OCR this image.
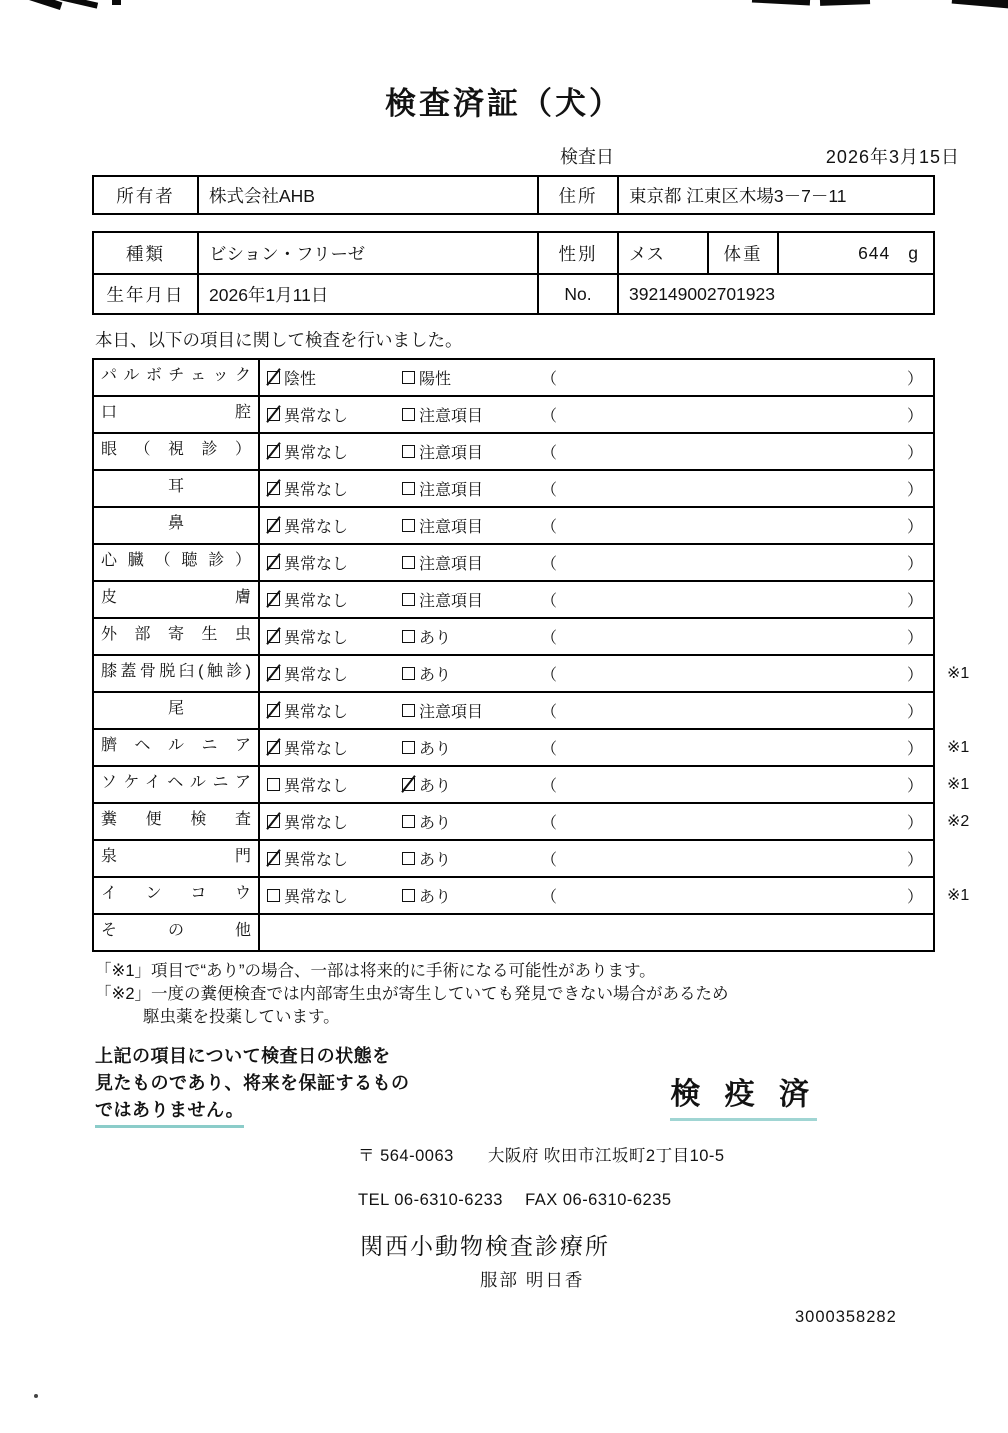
検査済証（犬）
検査日	2026年3月15日
所有者	株式会社AHB	住所	東京都 江東区木場3－7－11
種類	ビション・フリーゼ	性別	メス	体重	644 g
生年月日	2026年1月11日	No.	392149002701923
本日、以下の項目に関して検査を行いました。
パルボチェック	陰性	陽性	（	）
口腔	異常なし	注意項目	（	）
眼（視診）	異常なし	注意項目	（	）
耳	異常なし	注意項目	（	）
鼻	異常なし	注意項目	（	）
心臓（聴診）	異常なし	注意項目	（	）
皮膚	異常なし	注意項目	（	）
外部寄生虫	異常なし	あり	（	）
膝蓋骨脱臼(触診)	異常なし	あり	（	） ※1
尾	異常なし	注意項目	（	）
臍ヘルニア	異常なし	あり	（	） ※1
ソケイヘルニア	異常なし	あり	（	） ※1
糞便検査	異常なし	あり	（	） ※2
泉門	異常なし	あり	（	）
インコウ	異常なし	あり	（	） ※1
その他
「※1」項目で“あり”の場合、一部は将来的に手術になる可能性があります。
「※2」一度の糞便検査では内部寄生虫が寄生していても発見できない場合があるため
駆虫薬を投薬しています。
上記の項目について検査日の状態を
見たものであり、将来を保証するもの
ではありません。	検 疫 済
〒 564-0063　　大阪府 吹田市江坂町2丁目10-5
TEL 06-6310-6233　 FAX 06-6310-6235
関西小動物検査診療所
服部 明日香
3000358282
